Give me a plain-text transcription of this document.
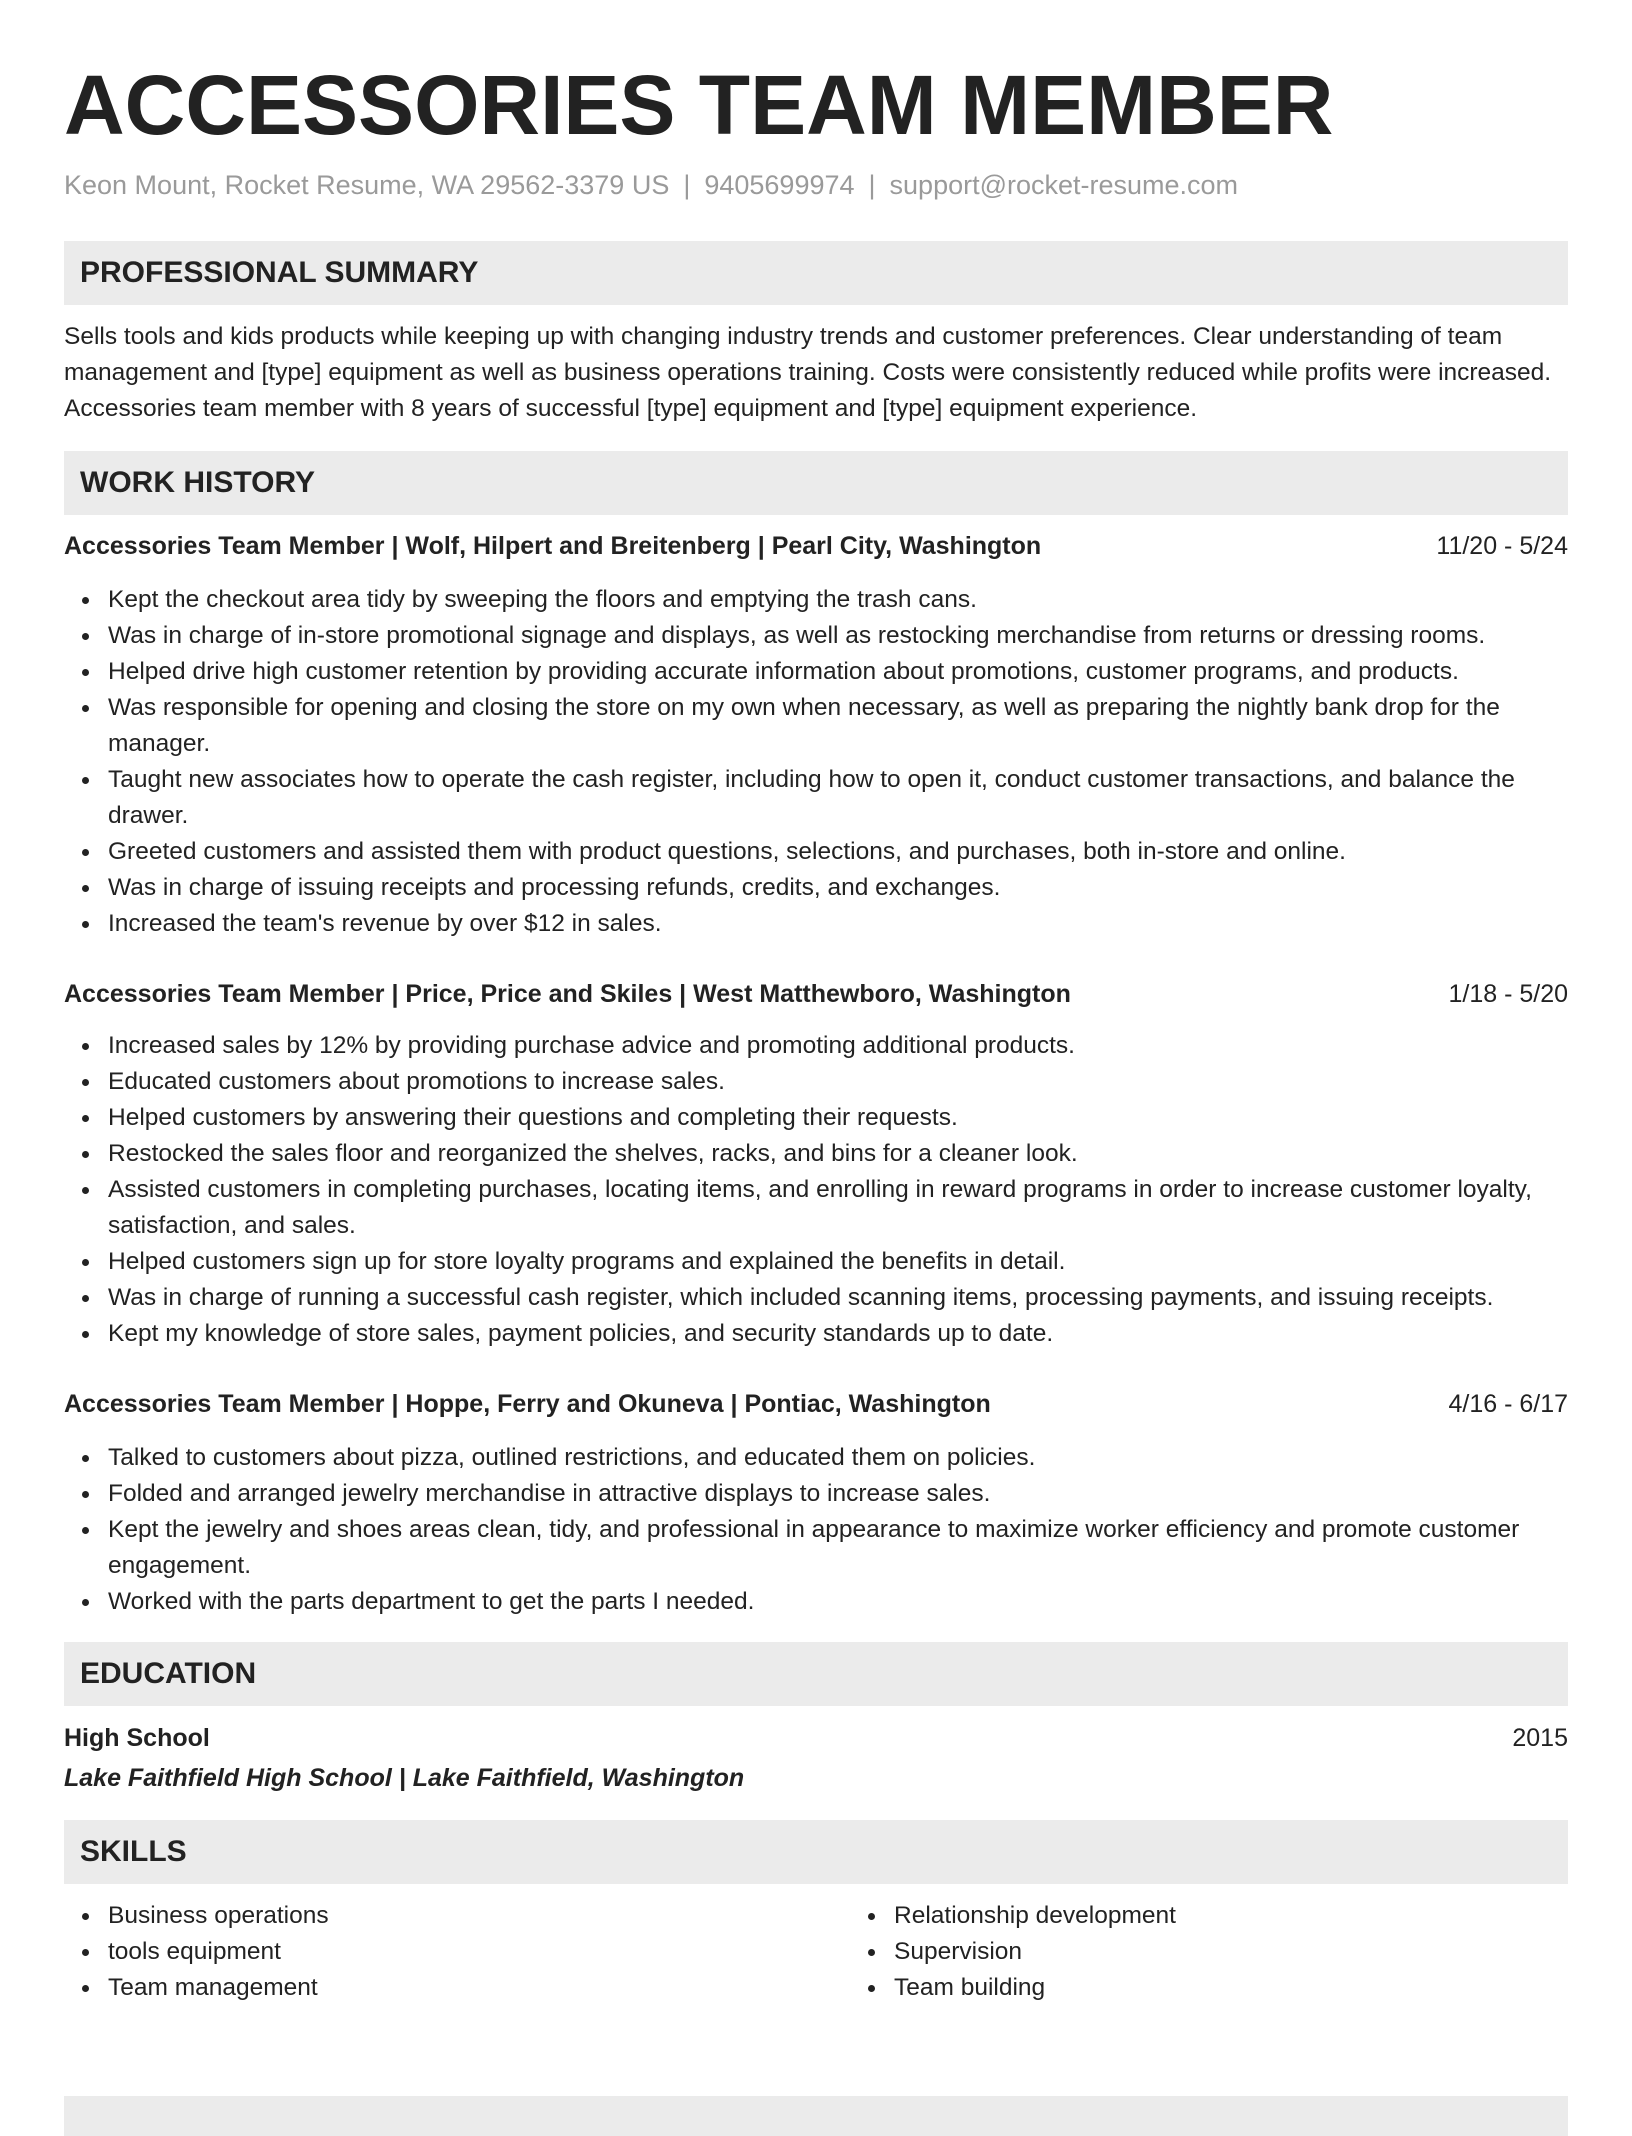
ACCESSORIES TEAM MEMBER
Keon Mount, Rocket Resume, WA 29562-3379 US | 9405699974 | support@rocket-resume.com
PROFESSIONAL SUMMARY

Sells tools and kids products while keeping up with changing industry trends and customer preferences. Clear understanding of team management and [type] equipment as well as business operations training. Costs were consistently reduced while profits were increased. Accessories team member with 8 years of successful [type] equipment and [type] equipment experience.

WORK HISTORY
Accessories Team Member | Wolf, Hilpert and Breitenberg | Pearl City, Washington	11/20 - 5/24
Kept the checkout area tidy by sweeping the floors and emptying the trash cans.
Was in charge of in-store promotional signage and displays, as well as restocking merchandise from returns or dressing rooms.
Helped drive high customer retention by providing accurate information about promotions, customer programs, and products.
Was responsible for opening and closing the store on my own when necessary, as well as preparing the nightly bank drop for the manager.
Taught new associates how to operate the cash register, including how to open it, conduct customer transactions, and balance the drawer.
Greeted customers and assisted them with product questions, selections, and purchases, both in-store and online.
Was in charge of issuing receipts and processing refunds, credits, and exchanges.
Increased the team's revenue by over $12 in sales.
Accessories Team Member | Price, Price and Skiles | West Matthewboro, Washington	1/18 - 5/20
Increased sales by 12% by providing purchase advice and promoting additional products.
Educated customers about promotions to increase sales.
Helped customers by answering their questions and completing their requests.
Restocked the sales floor and reorganized the shelves, racks, and bins for a cleaner look.
Assisted customers in completing purchases, locating items, and enrolling in reward programs in order to increase customer loyalty, satisfaction, and sales.
Helped customers sign up for store loyalty programs and explained the benefits in detail.
Was in charge of running a successful cash register, which included scanning items, processing payments, and issuing receipts.
Kept my knowledge of store sales, payment policies, and security standards up to date.
Accessories Team Member | Hoppe, Ferry and Okuneva | Pontiac, Washington	4/16 - 6/17
Talked to customers about pizza, outlined restrictions, and educated them on policies.
Folded and arranged jewelry merchandise in attractive displays to increase sales.
Kept the jewelry and shoes areas clean, tidy, and professional in appearance to maximize worker efficiency and promote customer engagement.
Worked with the parts department to get the parts I needed.
EDUCATION
High School	2015
Lake Faithfield High School | Lake Faithfield, Washington
SKILLS
Business operations
tools equipment
Team management
Relationship development
Supervision
Team building
